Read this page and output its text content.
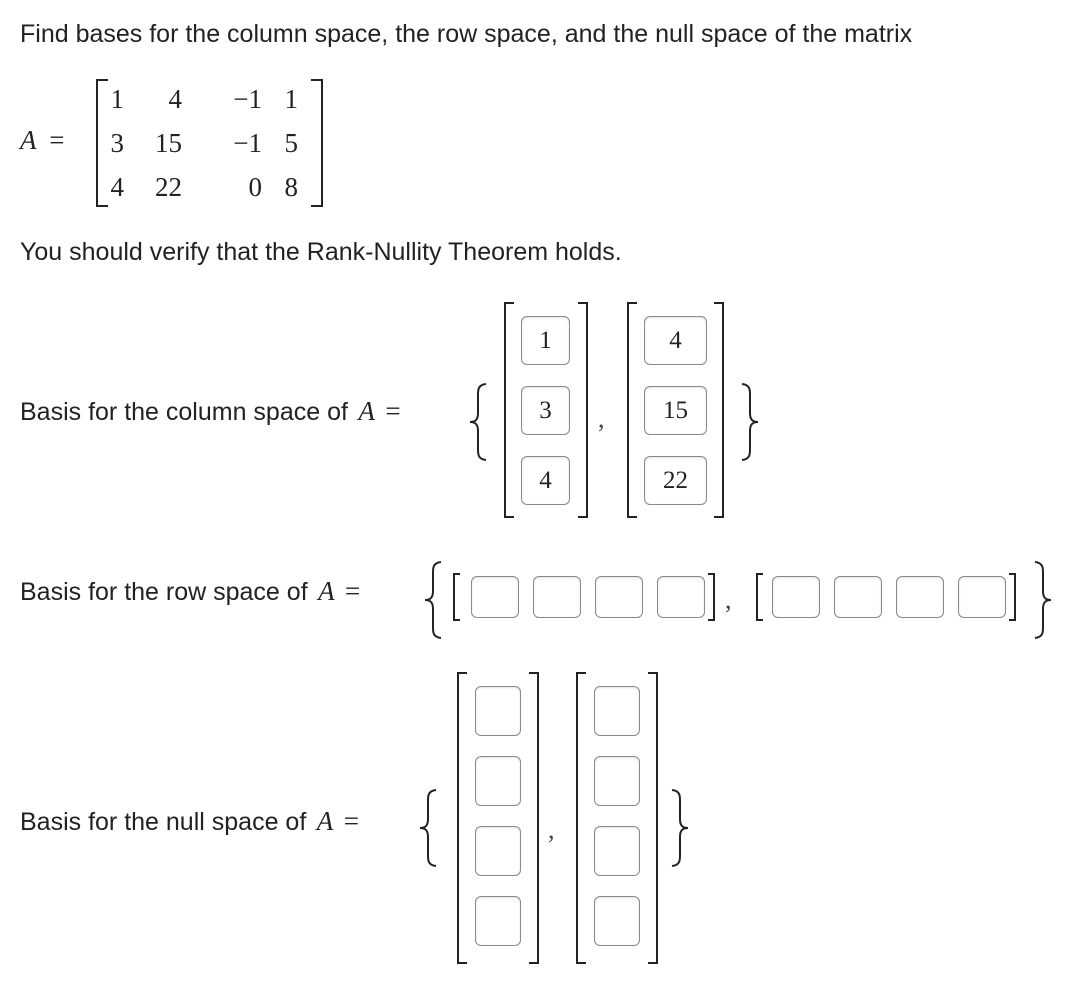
Find bases for the column space, the row space, and the null space of the matrix
A =
1	4	−1 1
3	15	−1 5
4	22	0 8
You should verify that the Rank-Nullity Theorem holds.
Basis for the column space of A =
1
3
4	,
4
15
22
Basis for the row space of A =	,
Basis for the null space of A =	,
